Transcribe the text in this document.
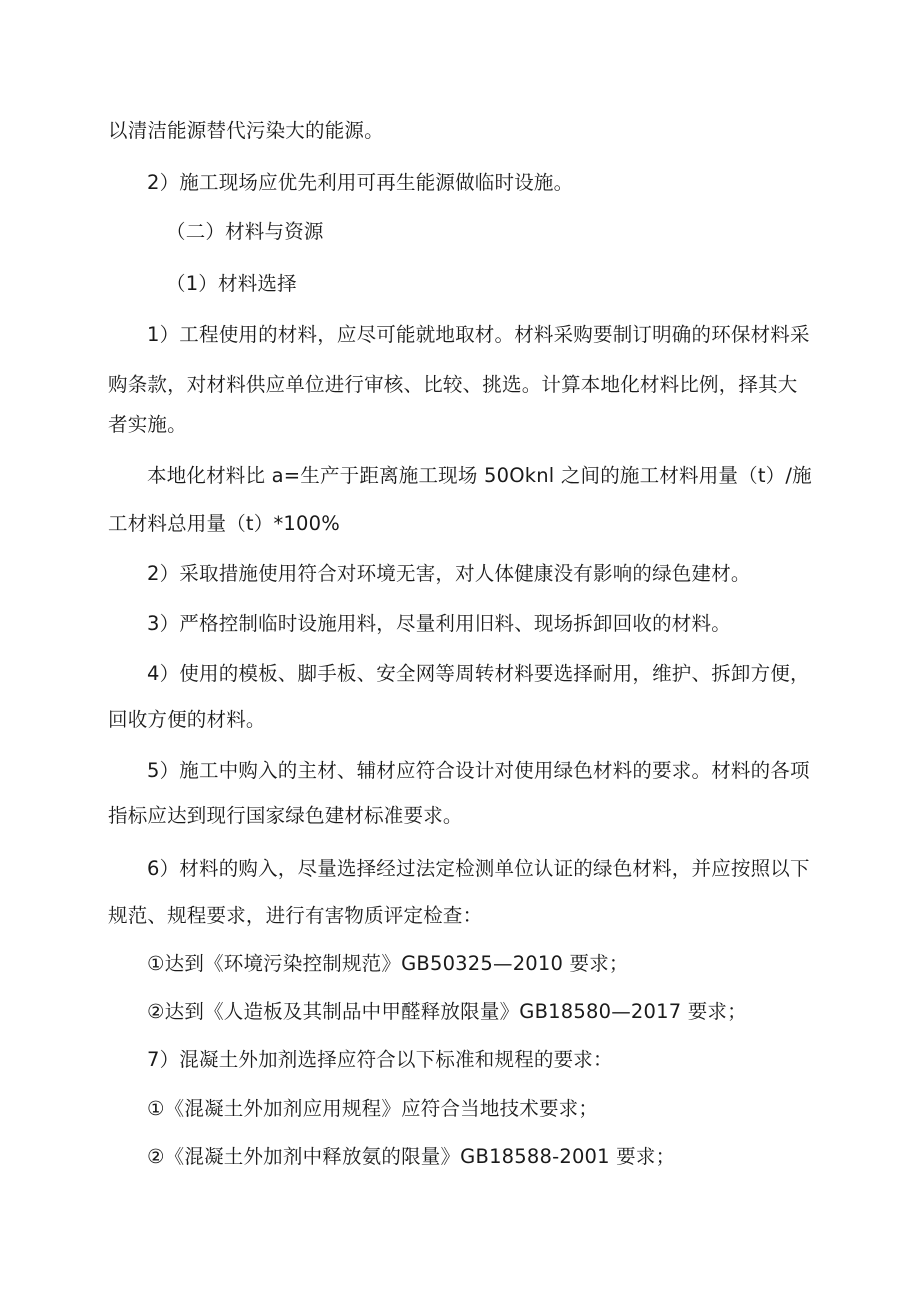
以清洁能源替代污染大的能源。
2）施工现场应优先利用可再生能源做临时设施。
（二）材料与资源
（1）材料选择
1）工程使用的材料，应尽可能就地取材。材料采购要制订明确的环保材料采
购条款，对材料供应单位进行审核、比较、挑选。计算本地化材料比例，择其大
者实施。
本地化材料比 a=生产于距离施工现场 50Oknl 之间的施工材料用量（t）/施
工材料总用量（t）*100%
2）采取措施使用符合对环境无害，对人体健康没有影响的绿色建材。
3）严格控制临时设施用料，尽量利用旧料、现场拆卸回收的材料。
4）使用的模板、脚手板、安全网等周转材料要选择耐用，维护、拆卸方便，
回收方便的材料。
5）施工中购入的主材、辅材应符合设计对使用绿色材料的要求。材料的各项
指标应达到现行国家绿色建材标准要求。
6）材料的购入，尽量选择经过法定检测单位认证的绿色材料，并应按照以下
规范、规程要求，进行有害物质评定检查：
①达到《环境污染控制规范》GB50325—2010 要求；
②达到《人造板及其制品中甲醛释放限量》GB18580—2017 要求；
7）混凝土外加剂选择应符合以下标准和规程的要求：
①《混凝土外加剂应用规程》应符合当地技术要求；
②《混凝土外加剂中释放氨的限量》GB18588-2001 要求；
